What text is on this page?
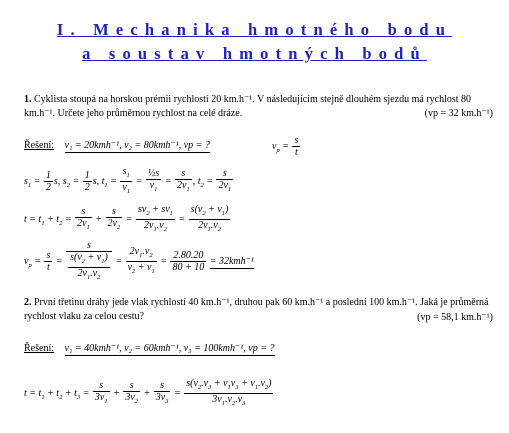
I. Mechanika hmotného bodu
a soustav hmotných bodů
1. Cyklista stoupá na horskou prémii rychlostí 20 km.h⁻¹. V následujícím stejně dlouhém sjezdu má rychlost 80 km.h⁻¹. Určete jeho průměrnou rychlost na celé dráze.	(vp = 32 km.h⁻¹)
Řešení: v₁ = 20kmh⁻¹, v₂ = 80kmh⁻¹, vp = ?	$v_p = \frac{s}{t}$
$s_1 = \frac{1}{2} s$, $s_2 = \frac{1}{2} s$, $t_1 = \frac{s_1}{v_1} = \frac{\text{½s}}{v_1} = \frac{s}{2v_1}$ , $t_2 = \frac{s}{2v_1}$
$t = t_1 + t_2 = \frac{s}{2v_1} + \frac{s}{2v_2} = \frac{sv_2 + sv_1}{2v_1.v_2} = \frac{s(v_2 + v_1)}{2v_1.v_2}$
$v_p = \frac{s}{t} = \frac{s}{\frac{s(v_2 + v_1)}{2v_1.v_2}} = \frac{2v_1.v_2}{v_2 + v_1} = \frac{2.80.20}{80 + 10} = 32kmh^{-1}$
2. První třetinu dráhy jede vlak rychlostí 40 km.h⁻¹, druhou pak 60 km.h⁻¹ a poslední 100 km.h⁻¹. Jaká je průměrná rychlost vlaku za celou cestu?	(vp = 58,1 km.h⁻¹)
Řešení: v₁ = 40kmh⁻¹, v₂ = 60kmh⁻¹, v₃ = 100kmh⁻¹, vp = ?
$t = t_1 + t_2 + t_3 = \frac{s}{3v_1} + \frac{s}{3v_2} + \frac{s}{3v_3} = \frac{s(v_2.v_3 + v_1v_3 + v_1.v_2)}{3v_1.v_2.v_3}$
